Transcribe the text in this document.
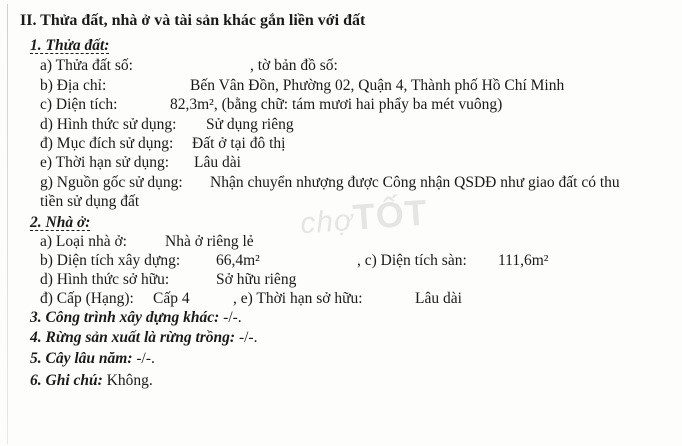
II. Thửa đất, nhà ở và tài sản khác gắn liền với đất
1. Thửa đất:
a) Thửa đất số:	, tờ bản đồ số:
b) Địa chỉ:	Bến Vân Đồn, Phường 02, Quận 4, Thành phố Hồ Chí Minh
c) Diện tích:	82,3m², (bằng chữ: tám mươi hai phẩy ba mét vuông)
d) Hình thức sử dụng: Sử dụng riêng
đ) Mục đích sử dụng: Đất ở tại đô thị
e) Thời hạn sử dụng: Lâu dài
g) Nguồn gốc sử dụng: Nhận chuyển nhượng được Công nhận QSDĐ như giao đất có thu
tiền sử dụng đất
2. Nhà ở:
a) Loại nhà ở: Nhà ở riêng lẻ
b) Diện tích xây dựng: 66,4m²	, c) Diện tích sàn: 111,6m²
d) Hình thức sở hữu:	Sở hữu riêng
đ) Cấp (Hạng): Cấp 4	, e) Thời hạn sở hữu:	Lâu dài
3. Công trình xây dựng khác: -/-.
4. Rừng sản xuất là rừng trồng: -/-.
5. Cây lâu năm: -/-.
6. Ghi chú: Không.
chợTỐT
